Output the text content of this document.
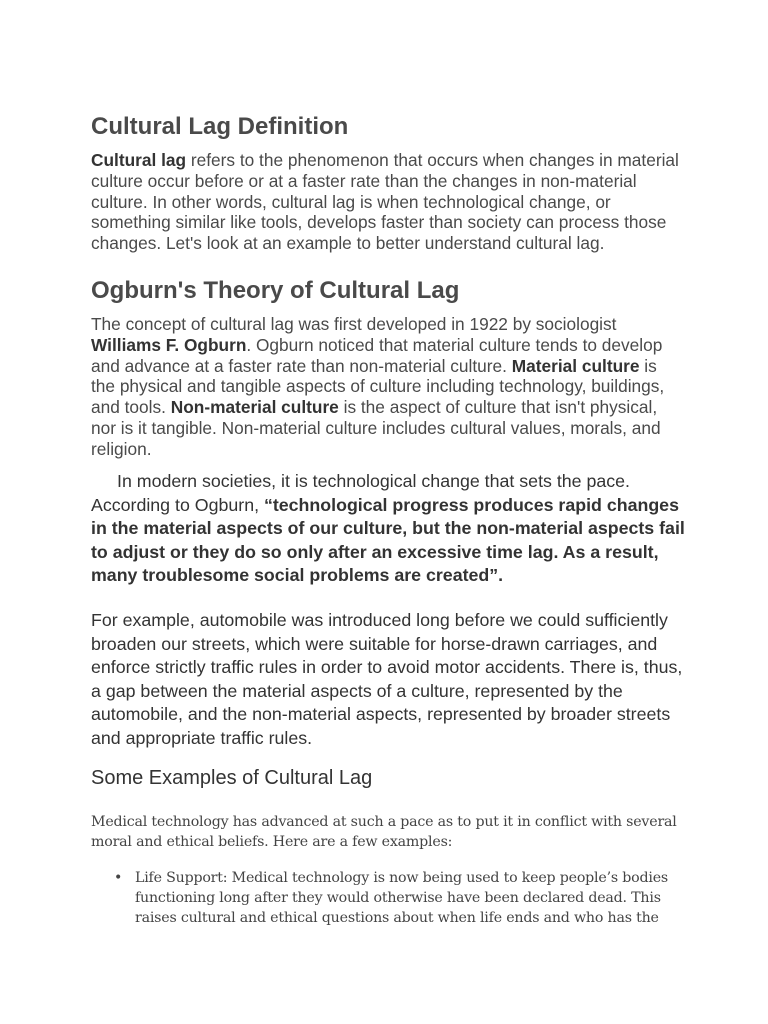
Cultural Lag Definition

Cultural lag refers to the phenomenon that occurs when changes in material culture occur before or at a faster rate than the changes in non-material culture. In other words, cultural lag is when technological change, or something similar like tools, develops faster than society can process those changes. Let's look at an example to better understand cultural lag.

Ogburn's Theory of Cultural Lag

The concept of cultural lag was first developed in 1922 by sociologist Williams F. Ogburn. Ogburn noticed that material culture tends to develop and advance at a faster rate than non-material culture. Material culture is the physical and tangible aspects of culture including technology, buildings, and tools. Non-material culture is the aspect of culture that isn't physical, nor is it tangible. Non-material culture includes cultural values, morals, and religion.

In modern societies, it is technological change that sets the pace. According to Ogburn, “technological progress produces rapid changes in the material aspects of our culture, but the non-material aspects fail to adjust or they do so only after an excessive time lag. As a result, many troublesome social problems are created”.

For example, automobile was introduced long before we could sufficiently broaden our streets, which were suitable for horse-drawn carriages, and enforce strictly traffic rules in order to avoid motor accidents. There is, thus, a gap between the material aspects of a culture, represented by the automobile, and the non-material aspects, represented by broader streets and appropriate traffic rules.

Some Examples of Cultural Lag

Medical technology has advanced at such a pace as to put it in conflict with several moral and ethical beliefs. Here are a few examples:

• Life Support: Medical technology is now being used to keep people’s bodies functioning long after they would otherwise have been declared dead. This raises cultural and ethical questions about when life ends and who has the
